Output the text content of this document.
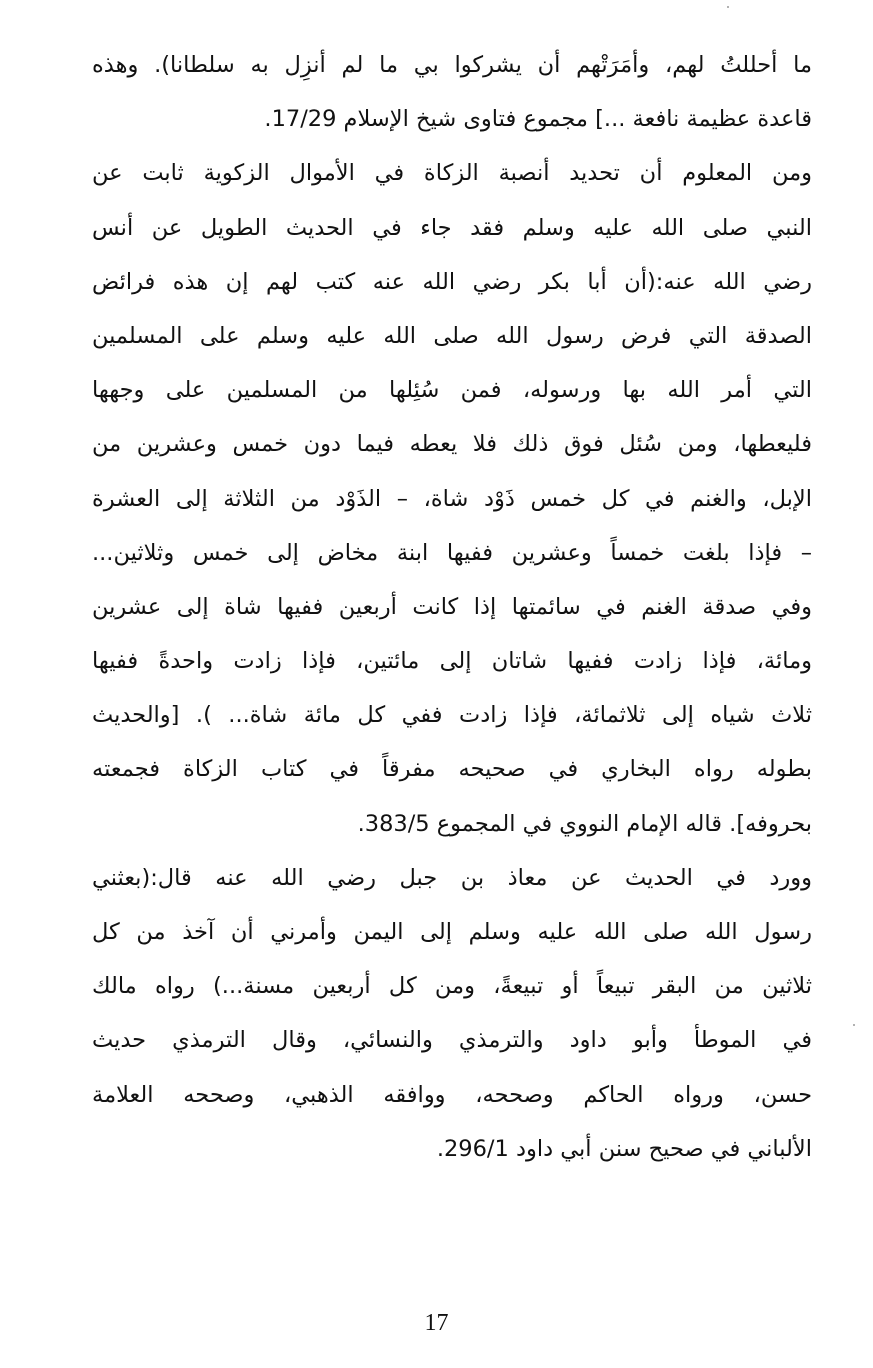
ما أحللتُ لهم، وأمَرَتْهم أن يشركوا بي ما لم أنزِل به سلطانا). وهذه
قاعدة عظيمة نافعة ...] مجموع فتاوى شيخ الإسلام 17/29.
ومن المعلوم أن تحديد أنصبة الزكاة في الأموال الزكوية ثابت عن
النبي صلى الله عليه وسلم فقد جاء في الحديث الطويل عن أنس
رضي الله عنه:(أن أبا بكر رضي الله عنه كتب لهم إن هذه فرائض
الصدقة التي فرض رسول الله صلى الله عليه وسلم على المسلمين
التي أمر الله بها ورسوله، فمن سُئِلها من المسلمين على وجهها
فليعطها، ومن سُئل فوق ذلك فلا يعطه فيما دون خمس وعشرين من
الإبل، والغنم في كل خمس ذَوْد شاة، – الذَوْد من الثلاثة إلى العشرة
– فإذا بلغت خمساً وعشرين ففيها ابنة مخاض إلى خمس وثلاثين...
وفي صدقة الغنم في سائمتها إذا كانت أربعين ففيها شاة إلى عشرين
ومائة، فإذا زادت ففيها شاتان إلى مائتين، فإذا زادت واحدةً ففيها
ثلاث شياه إلى ثلاثمائة، فإذا زادت ففي كل مائة شاة... ). [والحديث
بطوله رواه البخاري في صحيحه مفرقاً في كتاب الزكاة فجمعته
بحروفه]. قاله الإمام النووي في المجموع 383/5.
وورد في الحديث عن معاذ بن جبل رضي الله عنه قال:(بعثني
رسول الله صلى الله عليه وسلم إلى اليمن وأمرني أن آخذ من كل
ثلاثين من البقر تبيعاً أو تبيعةً، ومن كل أربعين مسنة...) رواه مالك
في الموطأ وأبو داود والترمذي والنسائي، وقال الترمذي حديث
حسن، ورواه الحاكم وصححه، ووافقه الذهبي، وصححه العلامة
الألباني في صحيح سنن أبي داود 296/1.
17
